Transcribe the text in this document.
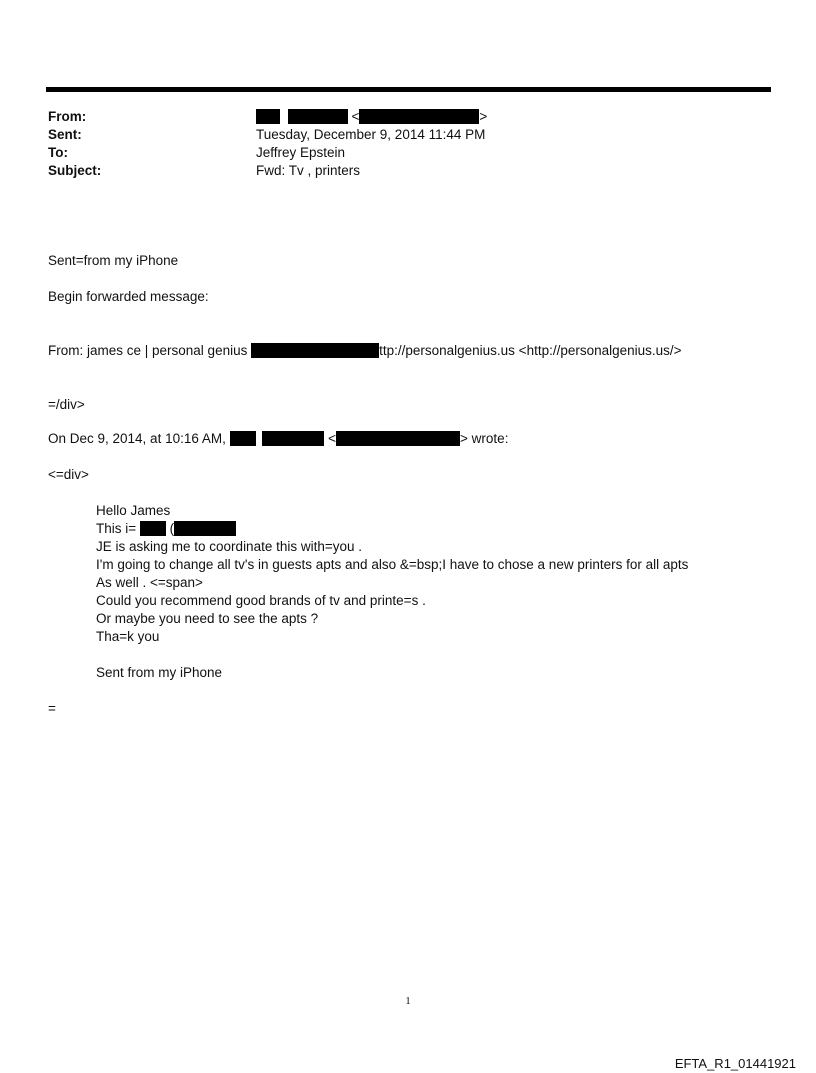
From:	<	>
Sent:	Tuesday, December 9, 2014 11:44 PM
To:	Jeffrey Epstein
Subject:	Fwd: Tv , printers
Sent=from my iPhone
Begin forwarded message:
From: james ce | personal genius	ttp://personalgenius.us <http://personalgenius.us/>
=/div>
On Dec 9, 2014, at 10:16 AM,	<	> wrote:
<=div>
Hello James
This i=  (
JE is asking me to coordinate this with=you .
I'm going to change all tv's in guests apts and also &=bsp;I have to chose a new printers for all apts
As well . <=span>
Could you recommend good brands of tv and printe=s .
Or maybe you need to see the apts ?
Tha=k you
Sent from my iPhone
=
1
EFTA_R1_01441921
